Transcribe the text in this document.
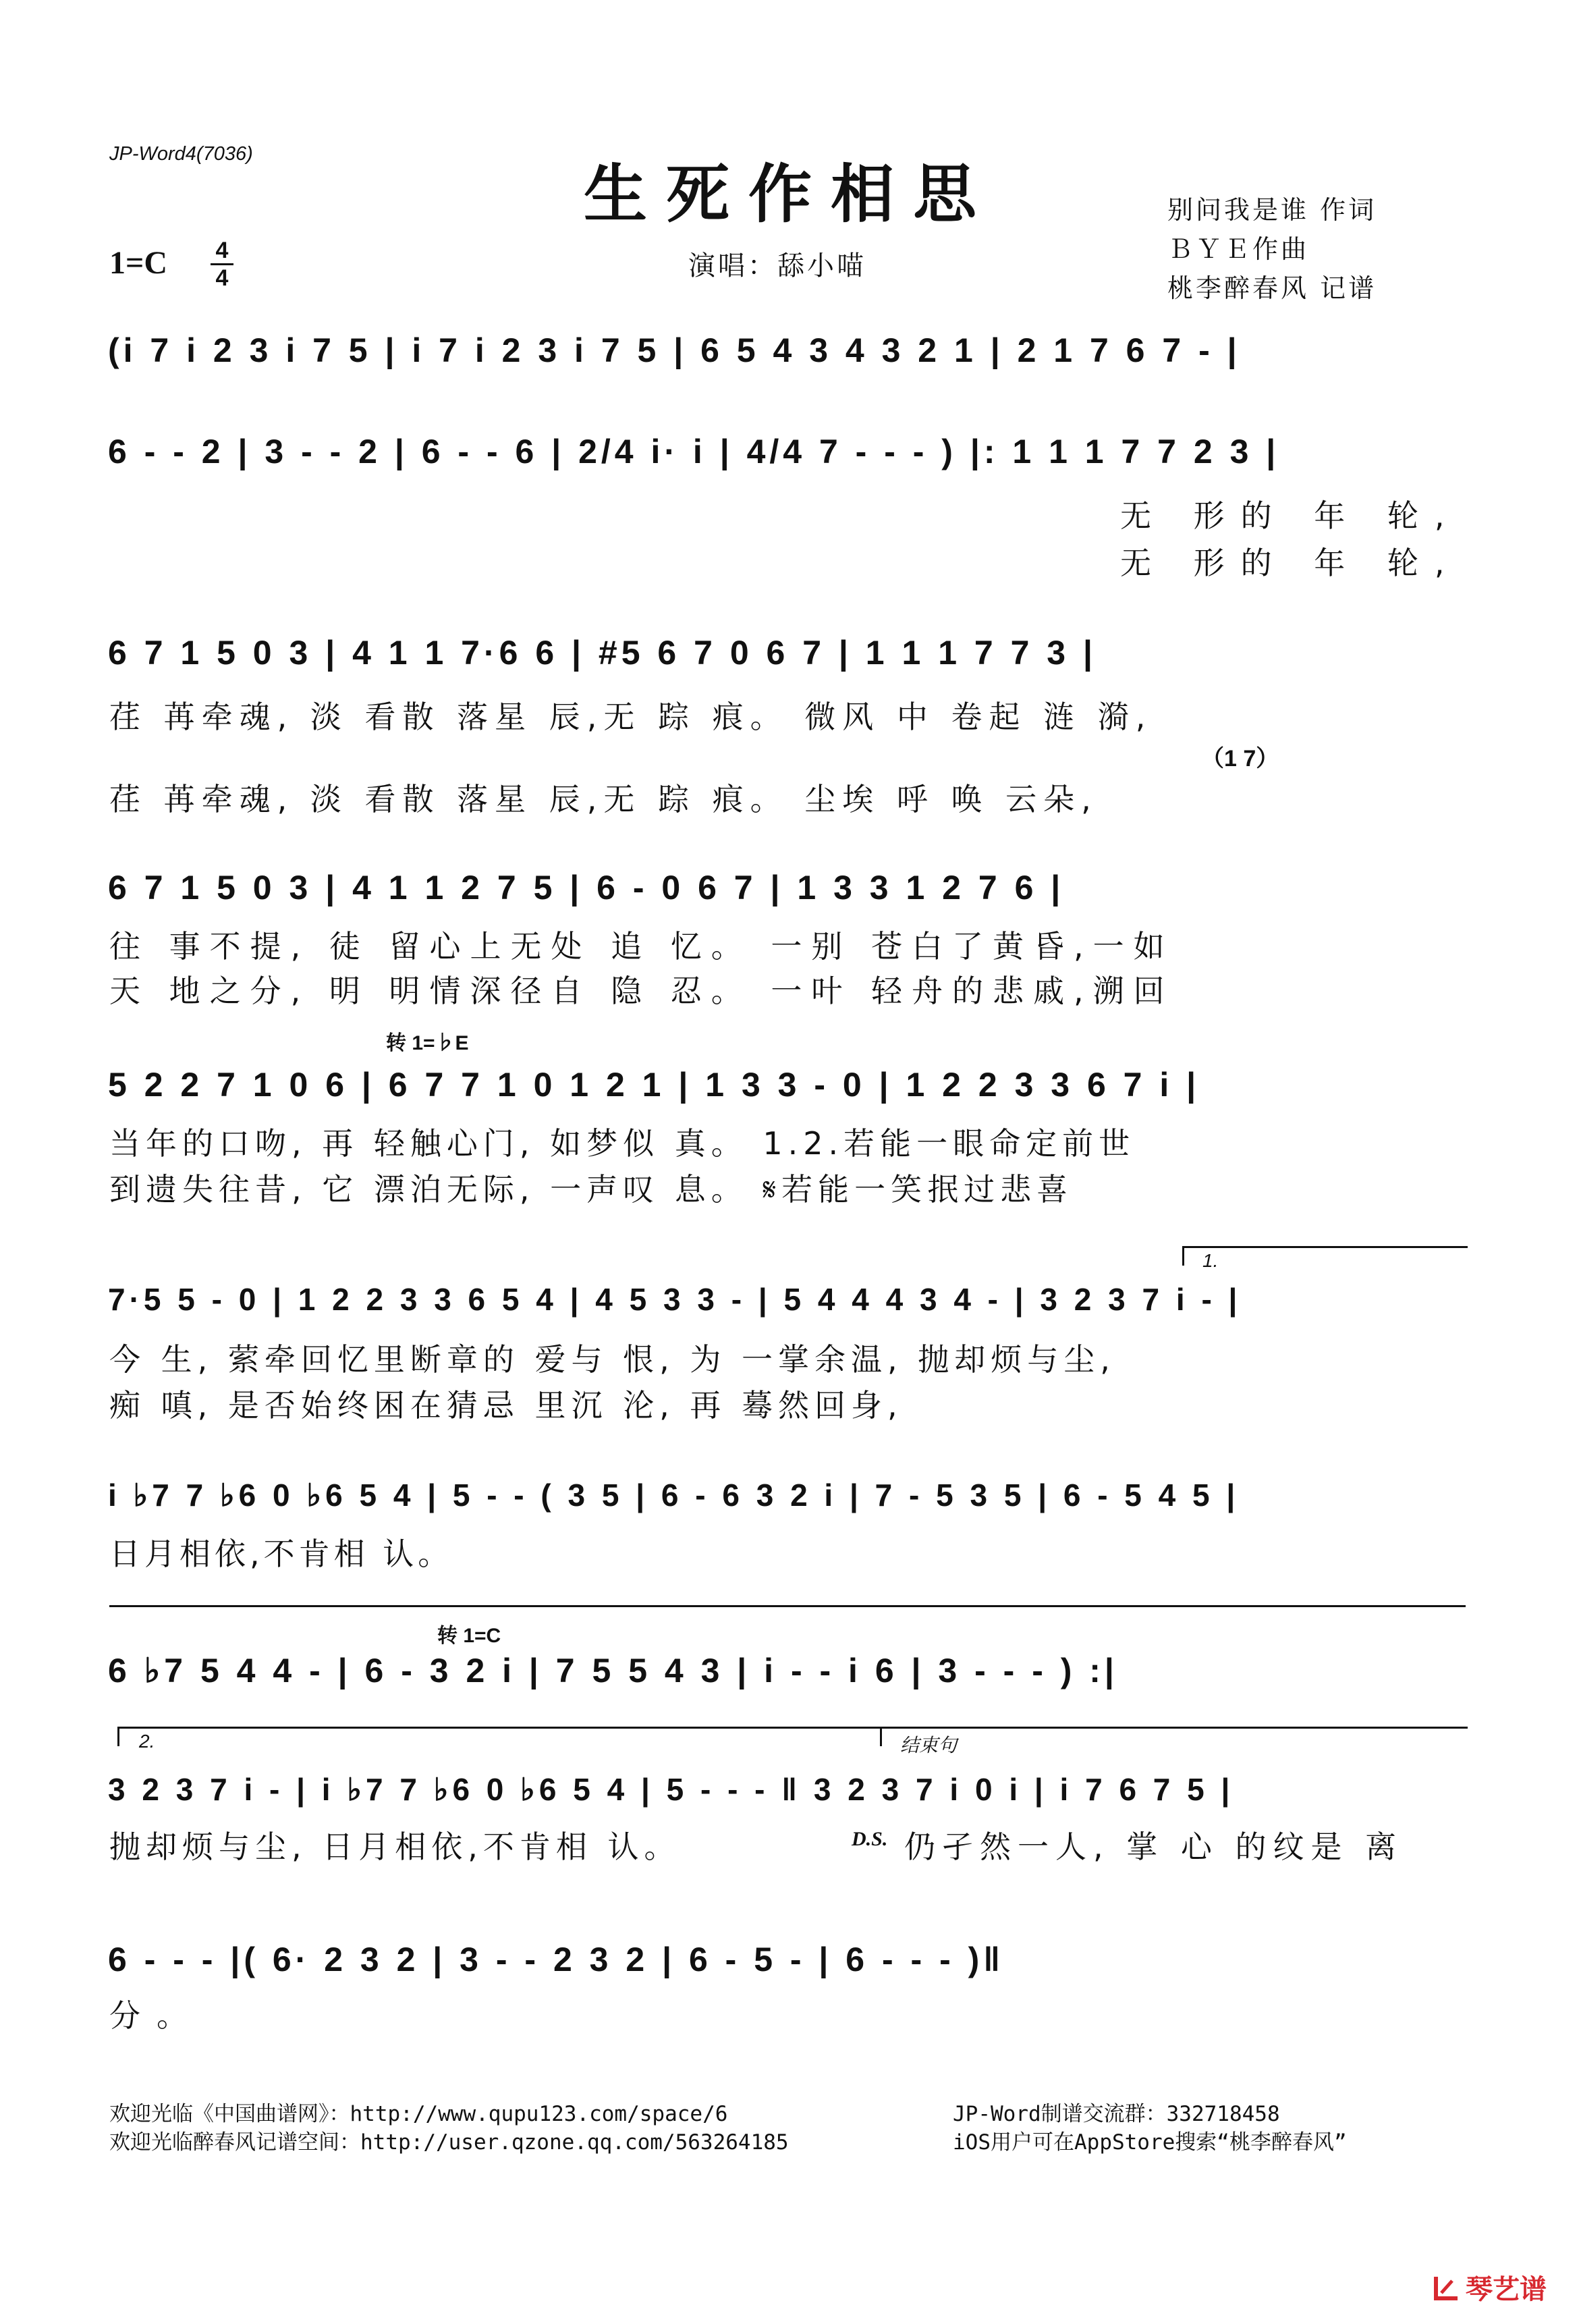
JP-Word4(7036)
生死作相思	别问我是谁 作词
ＢＹＥ作曲
桃李醉春风 记谱
1=C 4
4	演唱：舔小喵
(i 7 i 2 3 i 7 5 | i 7 i 2 3 i 7 5 | 6 5 4 3 4 3 2 1 | 2 1 7 6 7 - |
6 - - 2 | 3 - - 2 | 6 - - 6 | 2/4 i· i | 4/4 7 - - - ) |: 1 1 1 7 7 2 3 |
无 形的 年 轮,
无 形的 年 轮,
6 7 1 5 0 3 | 4 1 1 7·6 6 | #5 6 7 0 6 7 | 1 1 1 7 7 3 |
荏 苒牵魂, 淡 看散 落星 辰,无 踪 痕。 微风 中 卷起 涟 漪,
（1 7）
荏 苒牵魂, 淡 看散 落星 辰,无 踪 痕。 尘埃 呼 唤 云朵,
6 7 1 5 0 3 | 4 1 1 2 7 5 | 6 - 0 6 7 | 1 3 3 1 2 7 6 |
往 事不提, 徒 留心上无处 追 忆。 一别 苍白了黄昏,一如
天 地之分, 明 明情深径自 隐 忍。 一叶 轻舟的悲戚,溯回
转 1=♭E
5 2 2 7 1 0 6 | 6 7 7 1 0 1 2 1 | 1 3 3 - 0 | 1 2 2 3 3 6 7 i |
当年的口吻, 再 轻触心门, 如梦似 真。 1.2.若能一眼命定前世
到遗失往昔, 它 漂泊无际, 一声叹 息。 𝄋若能一笑抿过悲喜
1.
7·5 5 - 0 | 1 2 2 3 3 6 5 4 | 4 5 3 3 - | 5 4 4 4 3 4 - | 3 2 3 7 i - |
今 生, 萦牵回忆里断章的 爱与 恨, 为 一掌余温, 抛却烦与尘,
痴 嗔, 是否始终困在猜忌 里沉 沦, 再 蓦然回身,
i ♭7 7 ♭6 0 ♭6 5 4 | 5 - - ( 3 5 | 6 - 6 3 2 i | 7 - 5 3 5 | 6 - 5 4 5 |
日月相依,不肯相 认。
转 1=C
6 ♭7 5 4 4 - | 6 - 3 2 i | 7 5 5 4 3 | i - - i 6 | 3 - - - ) :|
2.	结束句
3 2 3 7 i - | i ♭7 7 ♭6 0 ♭6 5 4 | 5 - - - ‖ 3 2 3 7 i 0 i | i 7 6 7 5 |
抛却烦与尘, 日月相依,不肯相 认。	D.S. 仍孑然一人, 掌 心 的纹是 离
6 - - - |( 6· 2 3 2 | 3 - - 2 3 2 | 6 - 5 - | 6 - - - )‖
分。
欢迎光临《中国曲谱网》：http://www.qupu123.com/space/6
欢迎光临醉春风记谱空间：http://user.qzone.qq.com/563264185
JP-Word制谱交流群：332718458
iOS用户可在AppStore搜索“桃李醉春风”
琴艺谱
